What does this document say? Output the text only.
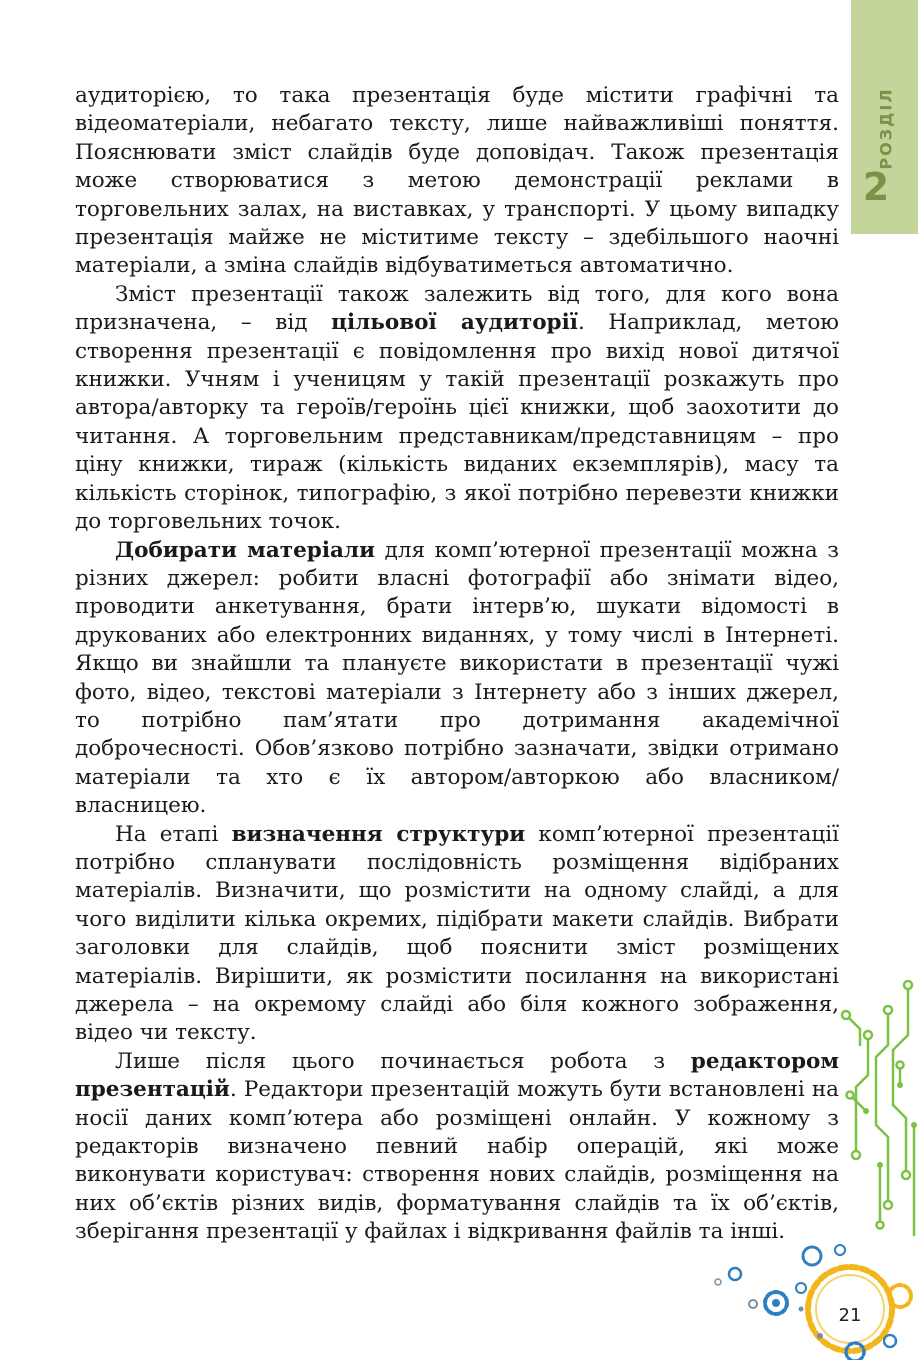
РОЗДІЛ
2

аудиторією, то така презентація буде містити графічні та відеоматеріали, небагато тексту, лише найважливіші поняття. Пояснювати зміст слайдів буде доповідач. Також презентація може створюватися з метою демонстрації реклами в торговельних залах, на виставках, у транспорті. У цьому випадку презентація майже не міститиме тексту – здебільшого наочні матеріали, а зміна слайдів відбуватиметься автоматично.

Зміст презентації також залежить від того, для кого вона призначена, – від цільової аудиторії. Наприклад, метою створення презентації є повідомлення про вихід нової дитячої книжки. Учням і ученицям у такій презентації розкажуть про автора/авторку та героїв/героїнь цієї книжки, щоб заохотити до читання. А торговельним представникам/представницям – про ціну книжки, тираж (кількість виданих екземплярів), масу та кількість сторінок, типографію, з якої потрібно перевезти книжки до торговельних точок.

Добирати матеріали для комп’ютерної презентації можна з різних джерел: робити власні фотографії або знімати відео, проводити анкетування, брати інтерв’ю, шукати відомості в друкованих або електронних виданнях, у тому числі в Інтернеті. Якщо ви знайшли та плануєте використати в презентації чужі фото, відео, текстові матеріали з Інтернету або з інших джерел, то потрібно пам’ятати про дотримання академічної доброчесності. Обов’язково потрібно зазначати, звідки отримано матеріали та хто є їх автором/авторкою або власником/власницею.

На етапі визначення структури комп’ютерної презентації потрібно спланувати послідовність розміщення відібраних матеріалів. Визначити, що розмістити на одному слайді, а для чого виділити кілька окремих, підібрати макети слайдів. Вибрати заголовки для слайдів, щоб пояснити зміст розміщених матеріалів. Вирішити, як розмістити посилання на використані джерела – на окремому слайді або біля кожного зображення, відео чи тексту.

Лише після цього починається робота з редактором презентацій. Редактори презентацій можуть бути встановлені на носії даних комп’ютера або розміщені онлайн. У кожному з редакторів визначено певний набір операцій, які може виконувати користувач: створення нових слайдів, розміщення на них об’єктів різних видів, форматування слайдів та їх об’єктів, зберігання презентації у файлах і відкривання файлів та інші.

21
